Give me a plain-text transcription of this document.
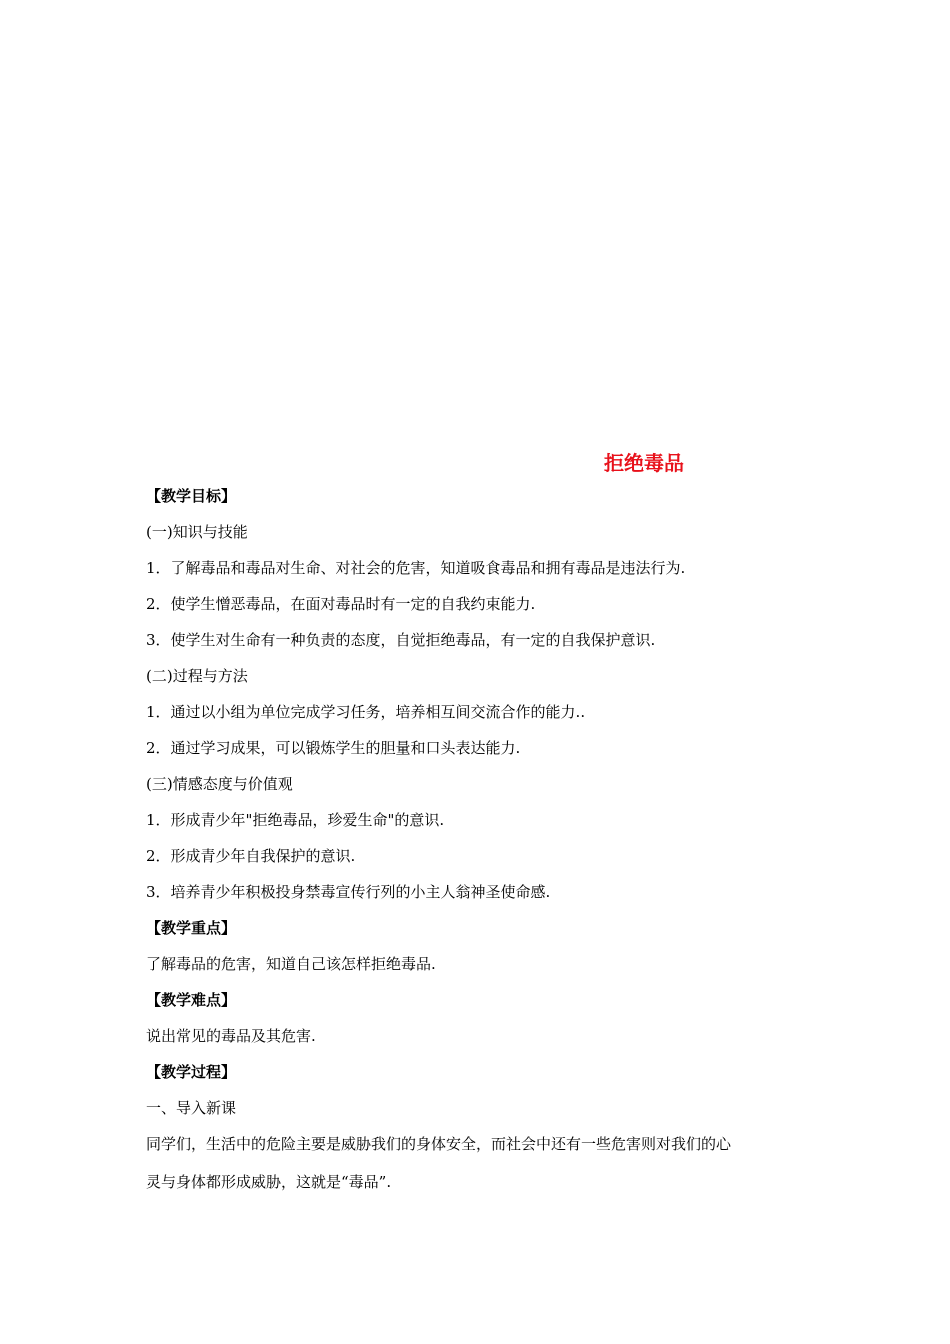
拒绝毒品
【教学目标】
(一)知识与技能
1．了解毒品和毒品对生命、对社会的危害，知道吸食毒品和拥有毒品是违法行为.
2．使学生憎恶毒品，在面对毒品时有一定的自我约束能力.
3．使学生对生命有一种负责的态度，自觉拒绝毒品，有一定的自我保护意识.
(二)过程与方法
1．通过以小组为单位完成学习任务，培养相互间交流合作的能力..
2．通过学习成果，可以锻炼学生的胆量和口头表达能力.
(三)情感态度与价值观
1．形成青少年"拒绝毒品，珍爱生命"的意识.
2．形成青少年自我保护的意识.
3．培养青少年积极投身禁毒宣传行列的小主人翁神圣使命感.
【教学重点】
了解毒品的危害，知道自己该怎样拒绝毒品.
【教学难点】
说出常见的毒品及其危害.
【教学过程】
一、导入新课
同学们，生活中的危险主要是威胁我们的身体安全，而社会中还有一些危害则对我们的心
灵与身体都形成威胁，这就是“毒品”.
